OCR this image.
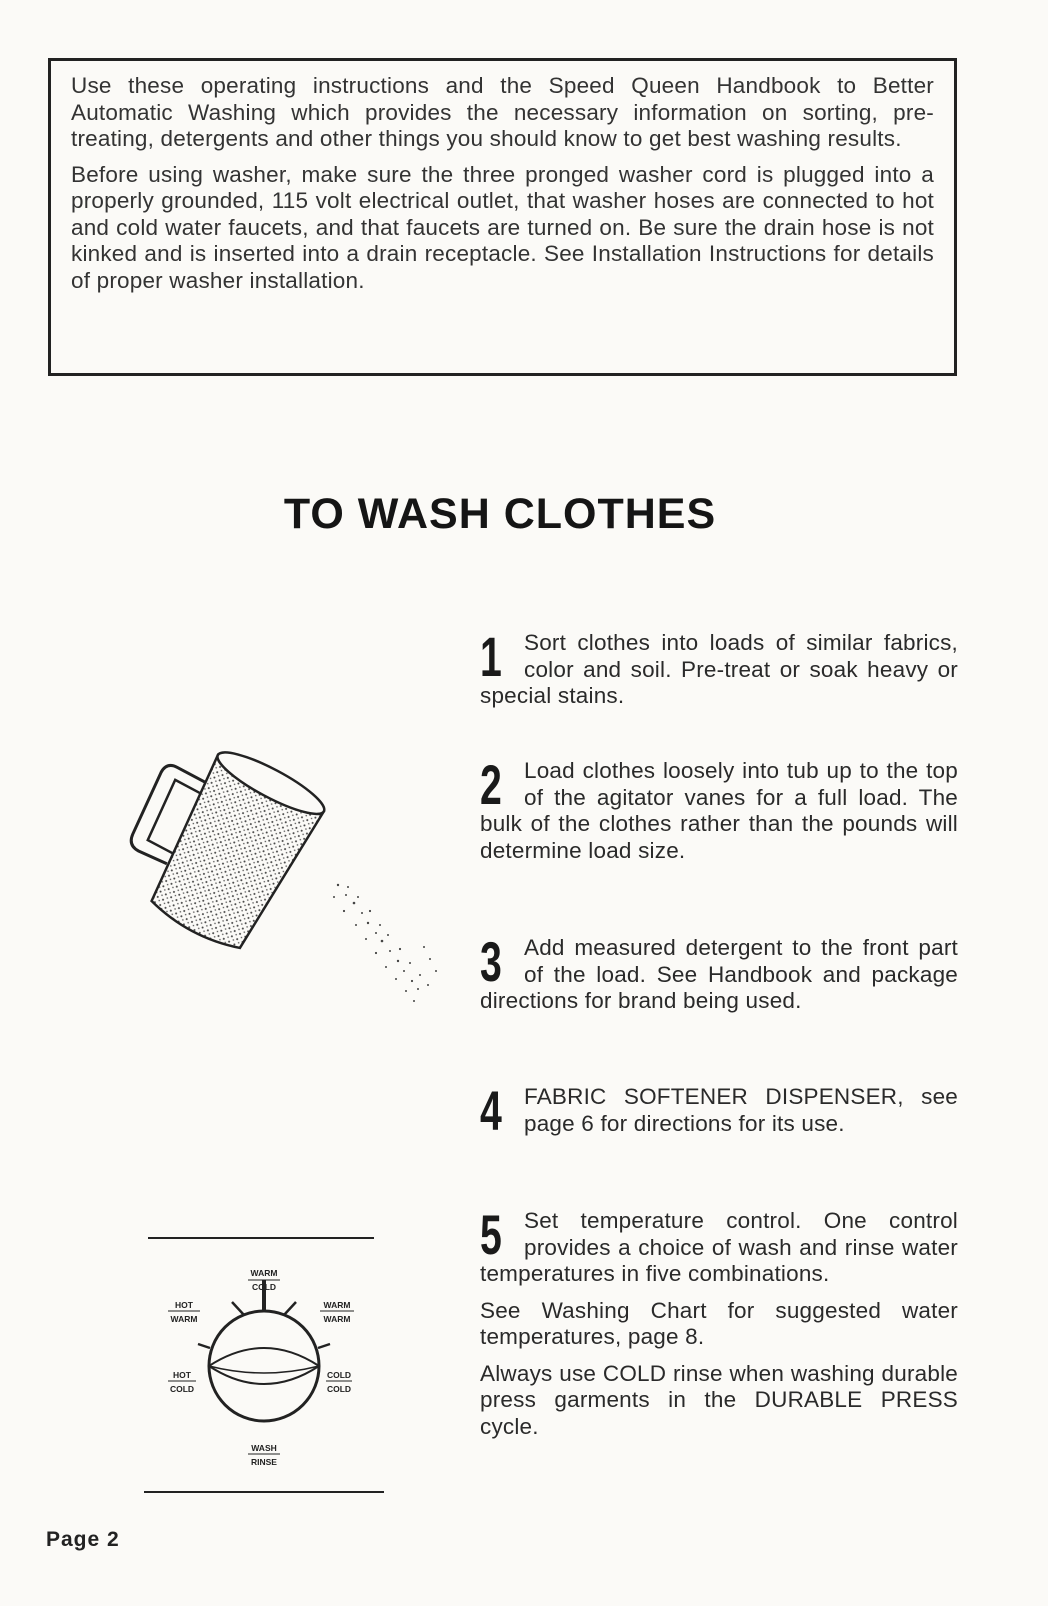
Use these operating instructions and the Speed Queen Handbook to Better Automatic Washing which provides the necessary information on sorting, pre-treating, detergents and other things you should know to get best washing results.

Before using washer, make sure the three pronged washer cord is plugged into a properly grounded, 115 volt electrical outlet, that washer hoses are connected to hot and cold water faucets, and that faucets are turned on. Be sure the drain hose is not kinked and is inserted into a drain receptacle. See Installation Instructions for details of proper washer installation.

TO WASH CLOTHES
1 Sort clothes into loads of similar fabrics, color and soil. Pre-treat or soak heavy or special stains.

2 Load clothes loosely into tub up to the top of the agitator vanes for a full load. The bulk of the clothes rather than the pounds will determine load size.

3 Add measured detergent to the front part of the load. See Handbook and package directions for brand being used.

4 FABRIC SOFTENER DISPENSER, see page 6 for directions for its use.

5 Set temperature control. One control provides a choice of wash and rinse water temperatures in five combinations.

See Washing Chart for suggested water temperatures, page 8.

Always use COLD rinse when washing durable press garments in the DURABLE PRESS cycle.

WARM
COLD
HOT
WARM
WARM
WARM
HOT
COLD
COLD
COLD
WASH
RINSE
Page 2
